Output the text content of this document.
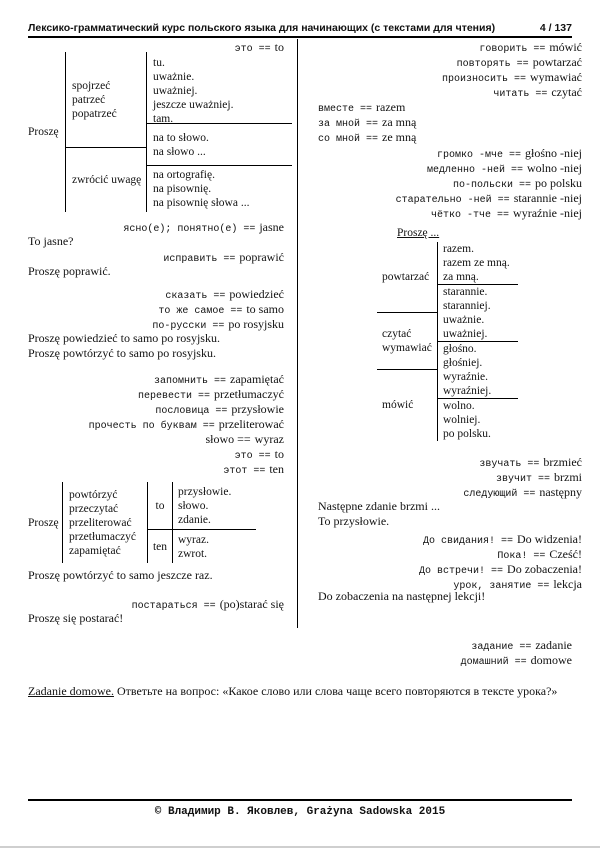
Лексико-грамматический курс польского языка для начинающих (с текстами для чтения)	4 / 137
это == to
Proszę
spojrzeć
patrzeć
popatrzeć
zwrócić uwagę
tu.
uważnie.
uważniej.
jeszcze uważniej.
tam.
na to słowo.
na słowo ...
na ortografię.
na pisownię.
na pisownię słowa ...
ясно(е); понятно(е) == jasne
To jasne?
исправить == poprawić
Proszę poprawić.
сказать == powiedzieć
то же самое == to samo
по-русски == po rosyjsku
Proszę powiedzieć to samo po rosyjsku.
Proszę powtórzyć to samo po rosyjsku.
запомнить == zapamiętać
перевести == przetłumaczyć
пословица == przysłowie
прочесть по буквам == przeliterować
słowo == wyraz
это == to
этот == ten
Proszę
powtórzyć
przeczytać
przeliterować
przetłumaczyć
zapamiętać
to
przysłowie.
słowo.
zdanie.
ten
wyraz.
zwrot.
Proszę powtórzyć to samo jeszcze raz.
постараться == (po)starać się
Proszę się postarać!
говорить == mówić
повторять == powtarzać
произносить == wymawiać
читать == czytać
вместе == razem
за мной == za mną
со мной == ze mną
громко -мче == głośno -niej
медленно -ней == wolno -niej
по-польски == po polsku
старательно -ней == starannie -niej
чётко -тче == wyraźnie -niej
Proszę ...
powtarzać
czytać
wymawiać
mówić
razem.
razem ze mną.
za mną.
starannie.
staranniej.
uważnie.
uważniej.
głośno.
głośniej.
wyraźnie.
wyraźniej.
wolno.
wolniej.
po polsku.
звучать == brzmieć
звучит == brzmi
следующий == następny
Następne zdanie brzmi ...
To przysłowie.
До свидания! == Do widzenia!
Пока! == Cześć!
До встречи! == Do zobaczenia!
урок, занятие == lekcja
Do zobaczenia na następnej lekcji!
задание == zadanie
домашний == domowe
Zadanie domowe. Ответьте на вопрос: «Какое слово или слова чаще всего повторяются в тексте урока?»
© Владимир В. Яковлев, Grażyna Sadowska 2015
